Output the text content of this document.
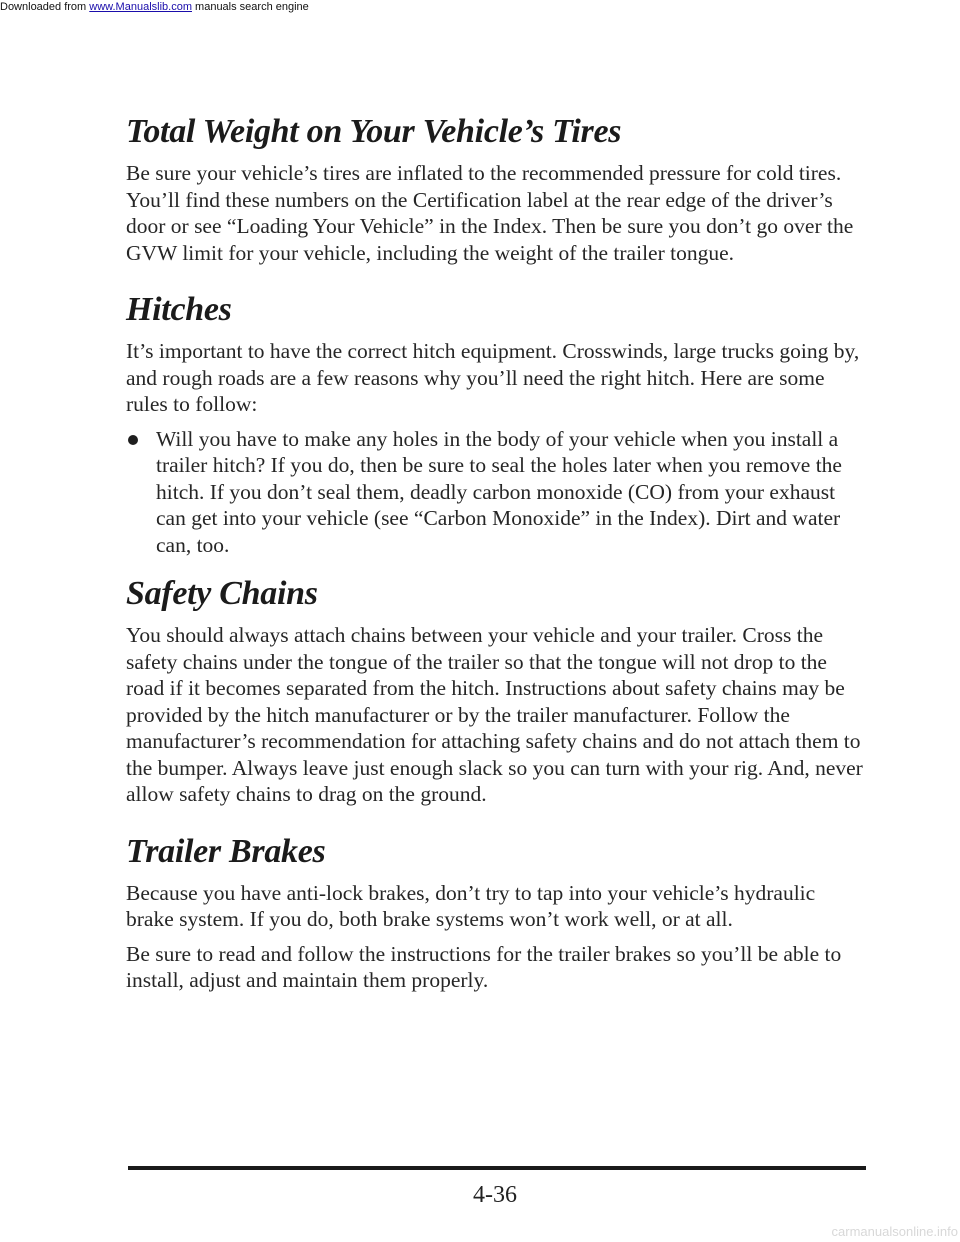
Downloaded from www.Manualslib.com manuals search engine
Total Weight on Your Vehicle’s Tires

Be sure your vehicle’s tires are inflated to the recommended pressure for cold tires. You’ll find these numbers on the Certification label at the rear edge of the driver’s door or see “Loading Your Vehicle” in the Index. Then be sure you don’t go over the GVW limit for your vehicle, including the weight of the trailer tongue.

Hitches

It’s important to have the correct hitch equipment. Crosswinds, large trucks going by, and rough roads are a few reasons why you’ll need the right hitch. Here are some rules to follow:

Will you have to make any holes in the body of your vehicle when you install a trailer hitch? If you do, then be sure to seal the holes later when you remove the hitch. If you don’t seal them, deadly carbon monoxide (CO) from your exhaust can get into your vehicle (see “Carbon Monoxide” in the Index). Dirt and water can, too.
Safety Chains

You should always attach chains between your vehicle and your trailer. Cross the safety chains under the tongue of the trailer so that the tongue will not drop to the road if it becomes separated from the hitch. Instructions about safety chains may be provided by the hitch manufacturer or by the trailer manufacturer. Follow the manufacturer’s recommendation for attaching safety chains and do not attach them to the bumper. Always leave just enough slack so you can turn with your rig. And, never allow safety chains to drag on the ground.

Trailer Brakes

Because you have anti-lock brakes, don’t try to tap into your vehicle’s hydraulic brake system. If you do, both brake systems won’t work well, or at all.

Be sure to read and follow the instructions for the trailer brakes so you’ll be able to install, adjust and maintain them properly.

4-36
carmanualsonline.info
